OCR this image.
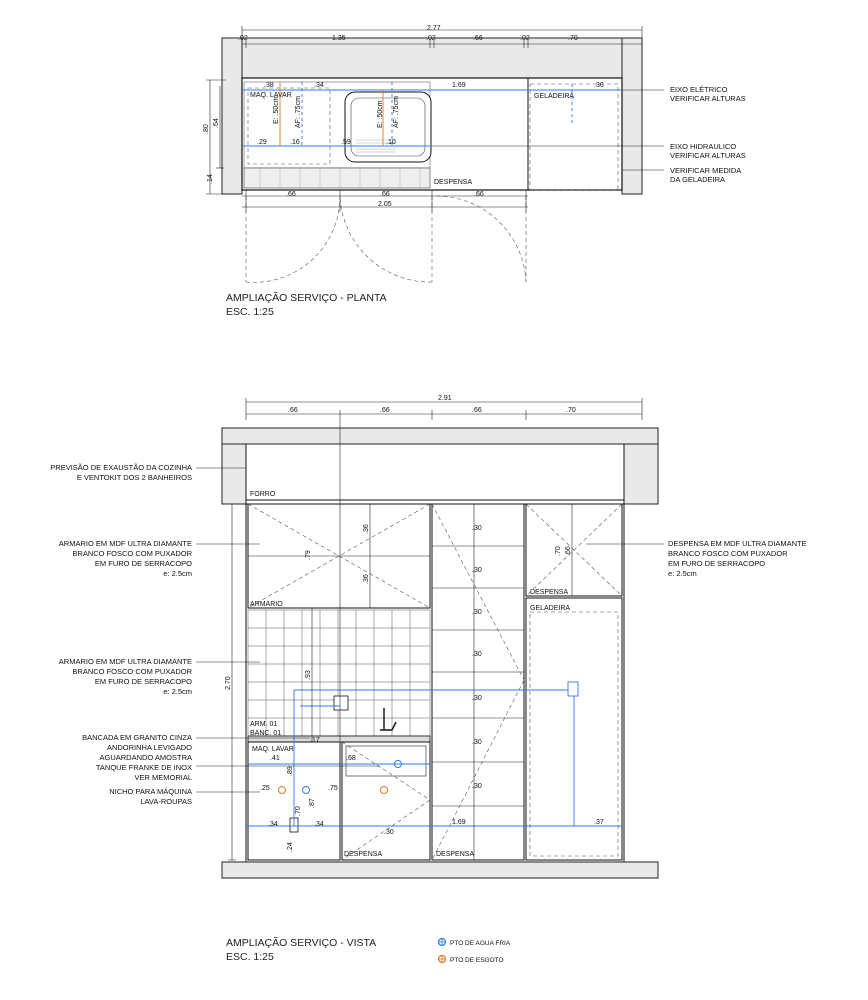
2.77
.02	1.35	.02	.66	.02	.70
.38	.34	1.69	.36
.29	.16	.59	.10
.80
.64
.14
E: .50cm AF: .75cm	E: .50cm AF: .75cm
MAQ. LAVAR	GELADEIRA
DESPENSA
.66	.66	.66
2.05
EIXO ELÉTRICO
VERIFICAR ALTURAS
EIXO HIDRAULICO
VERIFICAR ALTURAS
VERIFICAR MEDIDA
DA GELADEIRA
AMPLIAÇÃO SERVIÇO - PLANTA
ESC. 1:25
2.91
.66	.66	.66	.70
2.70
.93
.79
.36
.36
.70 .66
.30
.30
.30
.30
.30
.30
.30
.30
.41	.68
.89
.87
.75
.25
.34	.34
.70
.24
1.69	.37
.17
FORRO
ARMARIO
ARM. 01
BANC. 01
MAQ. LAVAR
DESPENSA	DESPENSA
DESPENSA
GELADEIRA
PREVISÃO DE EXAUSTÃO DA COZINHA
E VENTOKIT DOS 2 BANHEIROS
ARMARIO EM MDF ULTRA DIAMANTE
BRANCO FOSCO COM PUXADOR
EM FURO DE SERRACOPO
e: 2.5cm
ARMARIO EM MDF ULTRA DIAMANTE
BRANCO FOSCO COM PUXADOR
EM FURO DE SERRACOPO
e: 2.5cm
BANCADA EM GRANITO CINZA
ANDORINHA LEVIGADO
AGUARDANDO AMOSTRA
TANQUE FRANKE DE INOX
VER MEMORIAL
NICHO PARA MÁQUINA
LAVA-ROUPAS
DESPENSA EM MDF ULTRA DIAMANTE
BRANCO FOSCO COM PUXADOR
EM FURO DE SERRACOPO
e: 2.5cm
AMPLIAÇÃO SERVIÇO - VISTA
ESC. 1:25
PTO DE AGUA FRIA
PTO DE ESGOTO
